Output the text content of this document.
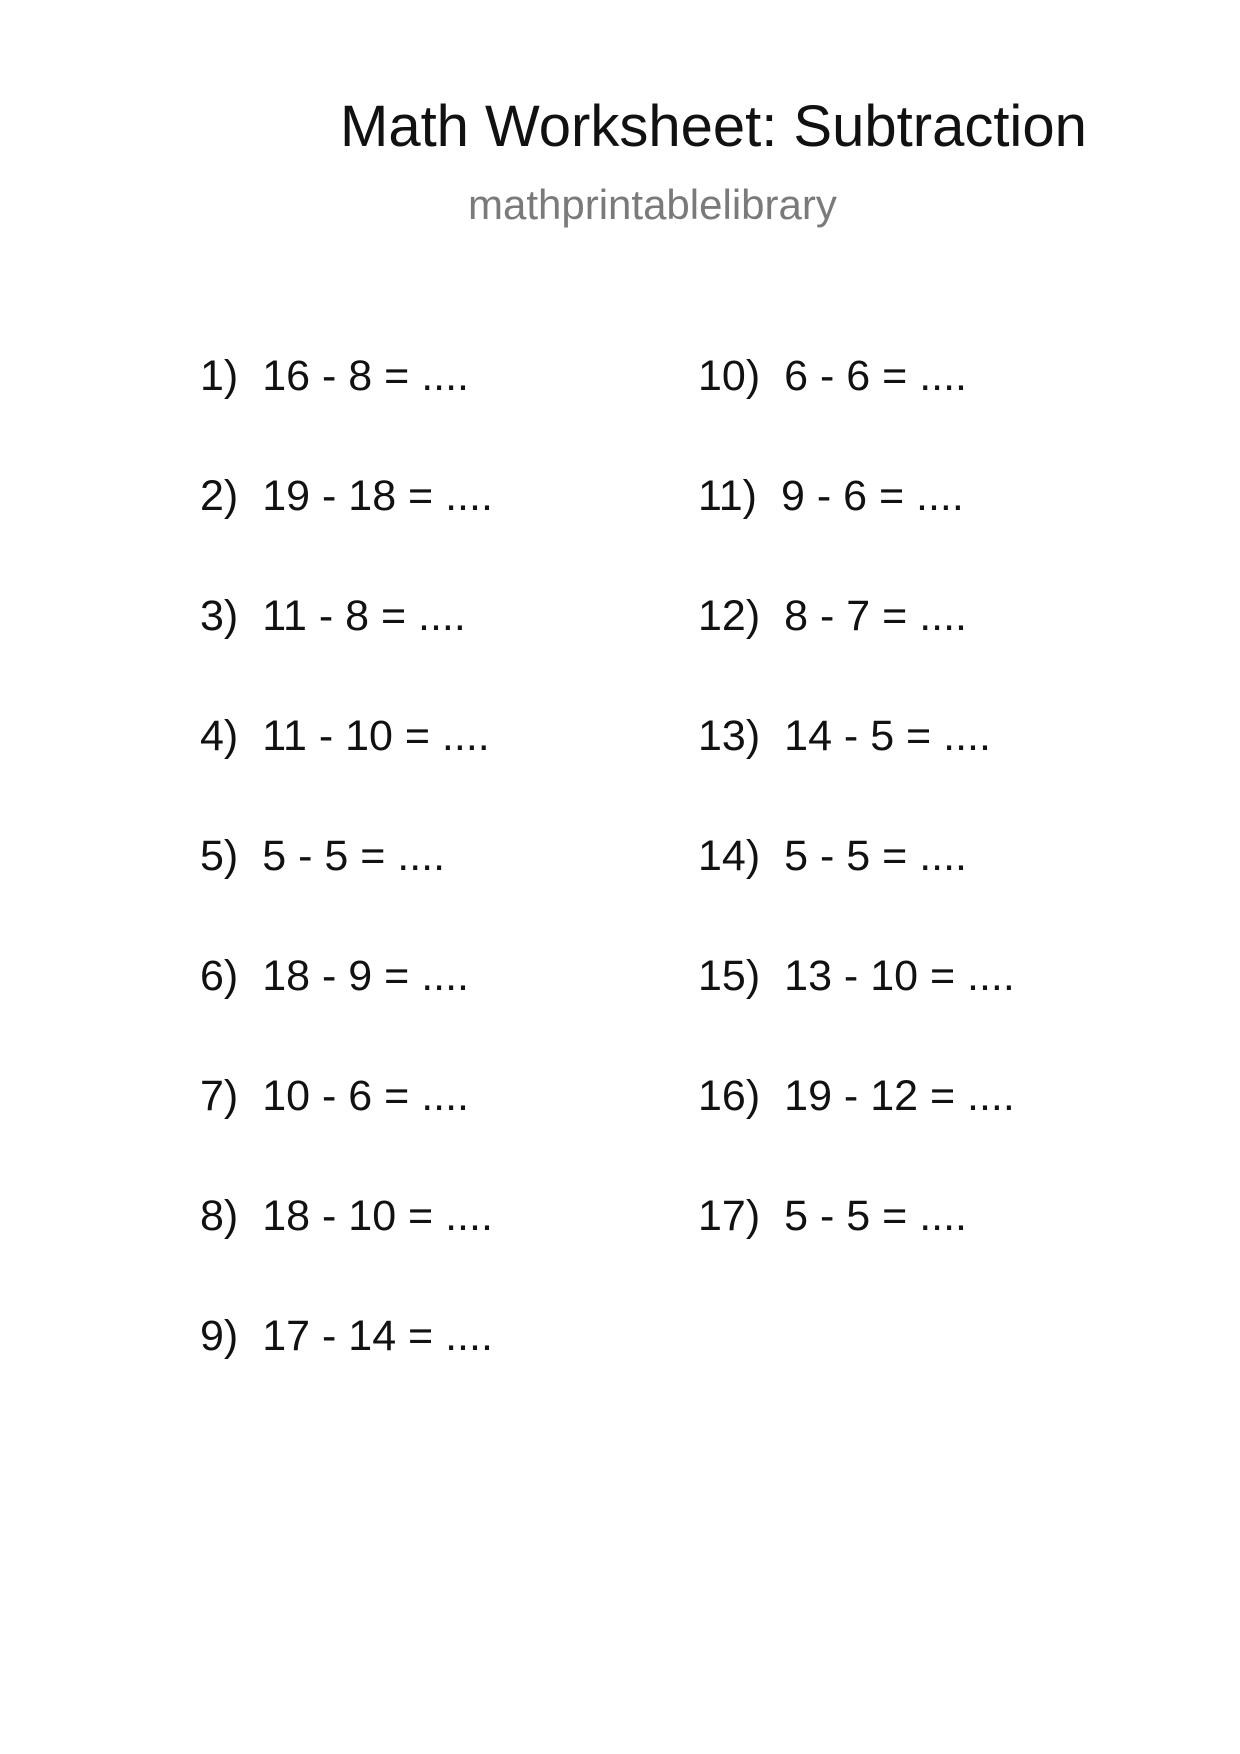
Math Worksheet: Subtraction
mathprintablelibrary
1) 16 - 8 = ....
2) 19 - 18 = ....
3) 11 - 8 = ....
4) 11 - 10 = ....
5) 5 - 5 = ....
6) 18 - 9 = ....
7) 10 - 6 = ....
8) 18 - 10 = ....
9) 17 - 14 = ....
10) 6 - 6 = ....
11) 9 - 6 = ....
12) 8 - 7 = ....
13) 14 - 5 = ....
14) 5 - 5 = ....
15) 13 - 10 = ....
16) 19 - 12 = ....
17) 5 - 5 = ....
